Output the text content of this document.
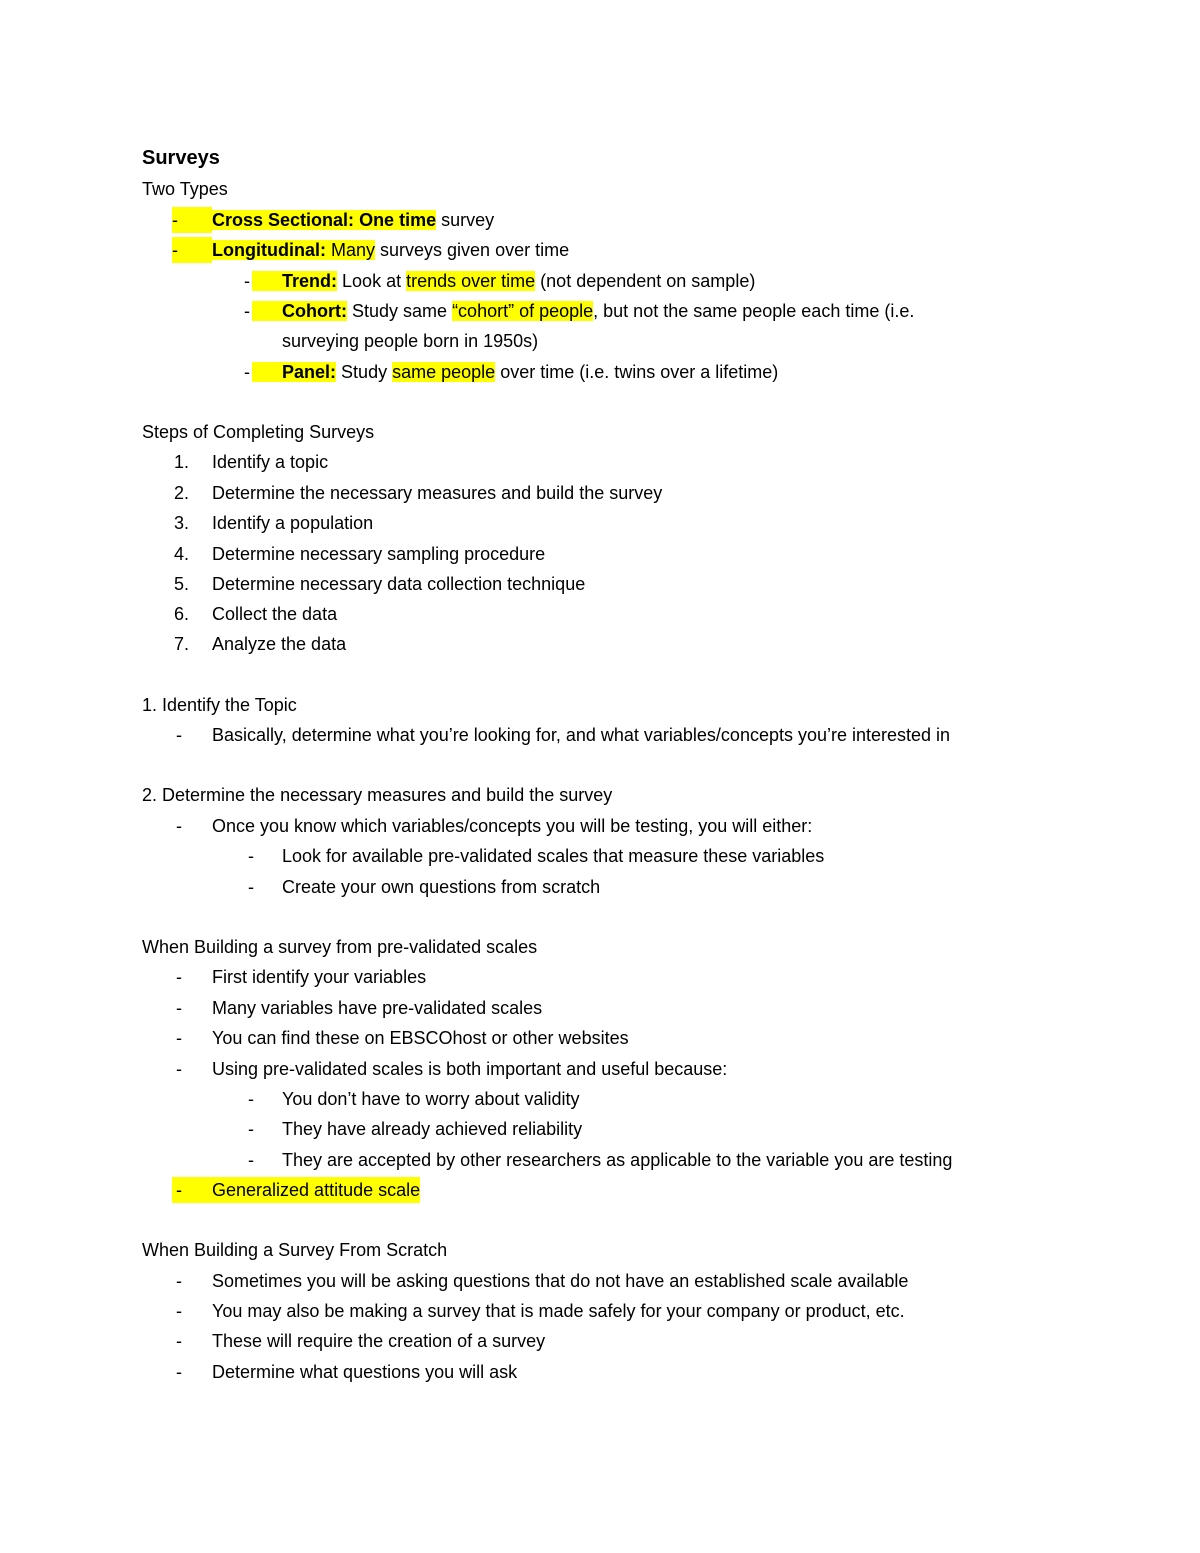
Surveys
Two Types
-	Cross Sectional: One time survey
-	Longitudinal: Many surveys given over time
-	Trend: Look at trends over time (not dependent on sample)
-	Cohort: Study same “cohort” of people, but not the same people each time (i.e.
surveying people born in 1950s)
-	Panel: Study same people over time (i.e. twins over a lifetime)
Steps of Completing Surveys
1. Identify a topic
2. Determine the necessary measures and build the survey
3. Identify a population
4. Determine necessary sampling procedure
5. Determine necessary data collection technique
6. Collect the data
7. Analyze the data
1. Identify the Topic
- Basically, determine what you’re looking for, and what variables/concepts you’re interested in
2. Determine the necessary measures and build the survey
- Once you know which variables/concepts you will be testing, you will either:
- Look for available pre-validated scales that measure these variables
- Create your own questions from scratch
When Building a survey from pre-validated scales
- First identify your variables
- Many variables have pre-validated scales
- You can find these on EBSCOhost or other websites
- Using pre-validated scales is both important and useful because:
- You don’t have to worry about validity
- They have already achieved reliability
- They are accepted by other researchers as applicable to the variable you are testing
-	Generalized attitude scale
When Building a Survey From Scratch
- Sometimes you will be asking questions that do not have an established scale available
- You may also be making a survey that is made safely for your company or product, etc.
- These will require the creation of a survey
- Determine what questions you will ask
